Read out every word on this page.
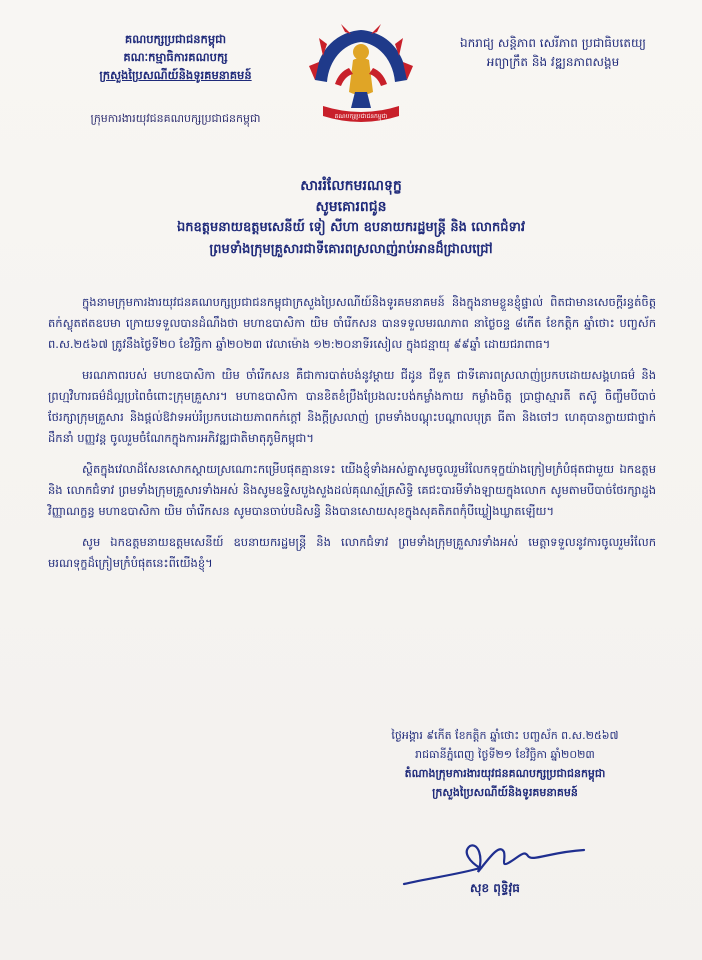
គណបក្សប្រជាជនកម្ពុជា
គណៈកម្មាធិការគណបក្ស
ក្រសួងប្រៃសណីយ៍និងទូរគមនាគមន៍
ក្រុមការងារយុវជនគណបក្សប្រជាជនកម្ពុជា	គណបក្សប្រជាជនកម្ពុជា
ឯករាជ្យ សន្តិភាព សេរីភាព ប្រជាធិបតេយ្យ
អព្យាក្រឹត និង វឌ្ឍនភាពសង្គម
សាររំលែកមរណទុក្ខ
សូមគោរពជូន
ឯកឧត្តមនាយឧត្តមសេនីយ៍ ទៀ សីហា ឧបនាយករដ្ឋមន្ត្រី និង លោកជំទាវ
ព្រមទាំងក្រុមគ្រួសារជាទីគោរពស្រលាញ់រាប់អានដ៏ជ្រាលជ្រៅ

ក្នុងនាមក្រុមការងារយុវជនគណបក្សប្រជាជនកម្ពុជាក្រសួងប្រៃសណីយ៍និងទូរគមនាគមន៍ និងក្នុងនាមខ្លួនខ្ញុំផ្ទាល់ ពិតជាមានសេចក្តីរន្ធត់ចិត្ត តក់ស្លុតឥតឧបមា ក្រោយទទួលបានដំណឹងថា មហាឧបាសិកា យិម ចាំរើកសន បានទទួលមរណភាព នាថ្ងៃចន្ទ ៨កើត ខែកត្តិក ឆ្នាំថោះ បញ្ចស័ក ព.ស.២៥៦៧ ត្រូវនឹងថ្ងៃទី២០ ខែវិច្ឆិកា ឆ្នាំ២០២៣ វេលាម៉ោង ១២:២០នាទីរសៀល ក្នុងជន្មាយុ ៩៩ឆ្នាំ ដោយជរាពាធ។

មរណភាពរបស់ មហាឧបាសិកា យិម ចាំរើកសន គឺជាការបាត់បង់នូវម្តាយ ជីដូន ជីទួត ជាទីគោរពស្រលាញ់ប្រកបដោយសង្គហធម៌ និងព្រហ្មវិហារធម៌ដ៏ល្អប្រពៃចំពោះក្រុមគ្រួសារ។ មហាឧបាសិកា បានខិតខំប្រឹងប្រែងលះបង់កម្លាំងកាយ កម្លាំងចិត្ត ប្រាជ្ញាស្មារតី តស៊ូ ចិញ្ចឹមបីបាច់ថែរក្សាក្រុមគ្រួសារ និងផ្តល់ឱវាទអប់រំប្រកបដោយភាពកក់ក្តៅ និងក្តីស្រលាញ់ ព្រមទាំងបណ្តុះបណ្តាលបុត្រ ធីតា និងចៅៗ ហេតុបានក្លាយជាថ្នាក់ដឹកនាំ បញ្ញវន្ត ចូលរួមចំណែកក្នុងការអភិវឌ្ឍជាតិមាតុភូមិកម្ពុជា។

ស្ថិតក្នុងវេលាដ៏សែនសោកស្តាយស្រណោះកម្រើបផុតគ្មានទេះ យើងខ្ញុំទាំងអស់គ្នាសូមចូលរួមរំលែកទុក្ខយ៉ាងក្រៀមក្រំបំផុតជាមួយ ឯកឧត្តម និង លោកជំទាវ ព្រមទាំងក្រុមគ្រួសារទាំងអស់ និងសូមឧទ្ទិសបួងសួងដល់គុណស្ម័គ្រសិទ្ធិ គេជះបារមីទាំងឡាយក្នុងលោក សូមតាមបីបាច់ថែរក្សាដួងវិញ្ញាណក្ខន្ធ មហាឧបាសិកា យិម ចាំរើកសន សូមបានចាប់បដិសន្ធិ និងបានសោយសុខក្នុងសុគតិភពកុំបីឃ្លៀងឃ្លាតឡើយ។

សូម ឯកឧត្តមនាយឧត្តមសេនីយ៍ ឧបនាយករដ្ឋមន្ត្រី និង លោកជំទាវ ព្រមទាំងក្រុមគ្រួសារទាំងអស់ មេត្តាទទួលនូវការចូលរួមរំលែកមរណទុក្ខដ៏ក្រៀមក្រំបំផុតនេះពីយើងខ្ញុំ។

ថ្ងៃអង្គារ ៩កើត ខែកត្តិក ឆ្នាំថោះ បញ្ចស័ក ព.ស.២៥៦៧
រាជធានីភ្នំពេញ ថ្ងៃទី២១ ខែវិច្ឆិកា ឆ្នាំ២០២៣
តំណាងក្រុមការងារយុវជនគណបក្សប្រជាជនកម្ពុជា
ក្រសួងប្រៃសណីយ៍និងទូរគមនាគមន៍
សុខ ពុទ្ធិវុធ
